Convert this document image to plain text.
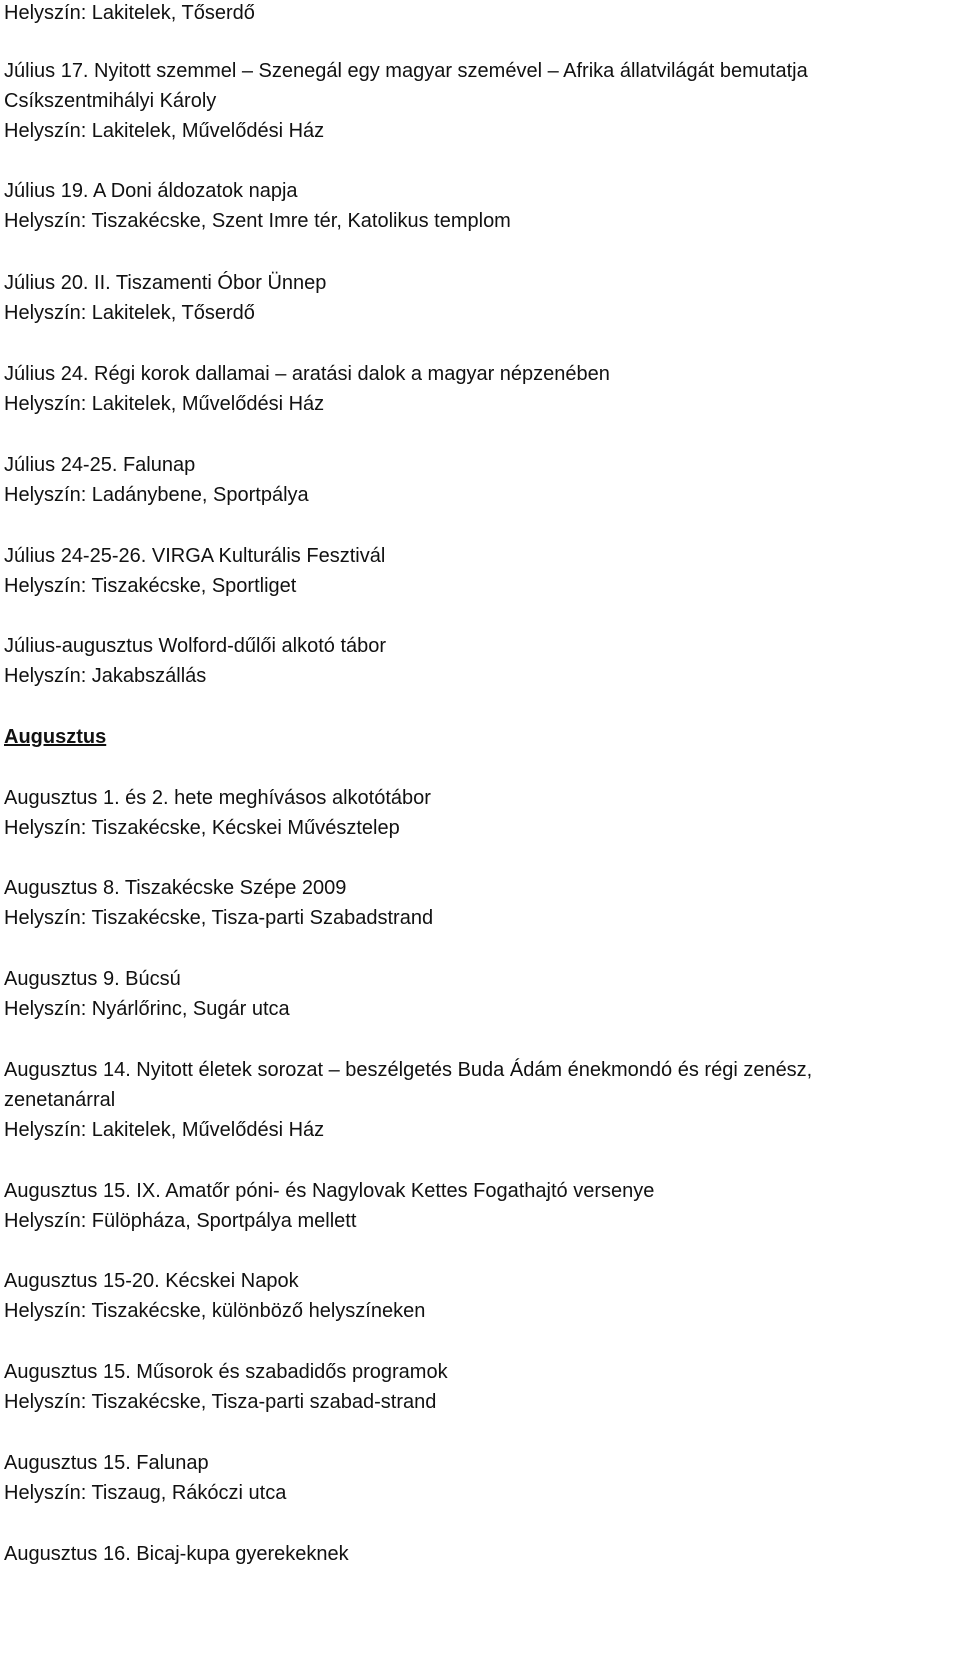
Helyszín: Lakitelek, Tőserdő
Július 17. Nyitott szemmel – Szenegál egy magyar szemével – Afrika állatvilágát bemutatja
Csíkszentmihályi Károly
Helyszín: Lakitelek, Művelődési Ház
Július 19. A Doni áldozatok napja
Helyszín: Tiszakécske, Szent Imre tér, Katolikus templom
Július 20. II. Tiszamenti Óbor Ünnep
Helyszín: Lakitelek, Tőserdő
Július 24. Régi korok dallamai – aratási dalok a magyar népzenében
Helyszín: Lakitelek, Művelődési Ház
Július 24-25. Falunap
Helyszín: Ladánybene, Sportpálya
Július 24-25-26. VIRGA Kulturális Fesztivál
Helyszín: Tiszakécske, Sportliget
Július-augusztus Wolford-dűlői alkotó tábor
Helyszín: Jakabszállás
Augusztus
Augusztus 1. és 2. hete meghívásos alkotótábor
Helyszín: Tiszakécske, Kécskei Művésztelep
Augusztus 8. Tiszakécske Szépe 2009
Helyszín: Tiszakécske, Tisza-parti Szabadstrand
Augusztus 9. Búcsú
Helyszín: Nyárlőrinc, Sugár utca
Augusztus 14. Nyitott életek sorozat – beszélgetés Buda Ádám énekmondó és régi zenész,
zenetanárral
Helyszín: Lakitelek, Művelődési Ház
Augusztus 15. IX. Amatőr póni- és Nagylovak Kettes Fogathajtó versenye
Helyszín: Fülöpháza, Sportpálya mellett
Augusztus 15-20. Kécskei Napok
Helyszín: Tiszakécske, különböző helyszíneken
Augusztus 15. Műsorok és szabadidős programok
Helyszín: Tiszakécske, Tisza-parti szabad-strand
Augusztus 15. Falunap
Helyszín: Tiszaug, Rákóczi utca
Augusztus 16. Bicaj-kupa gyerekeknek
